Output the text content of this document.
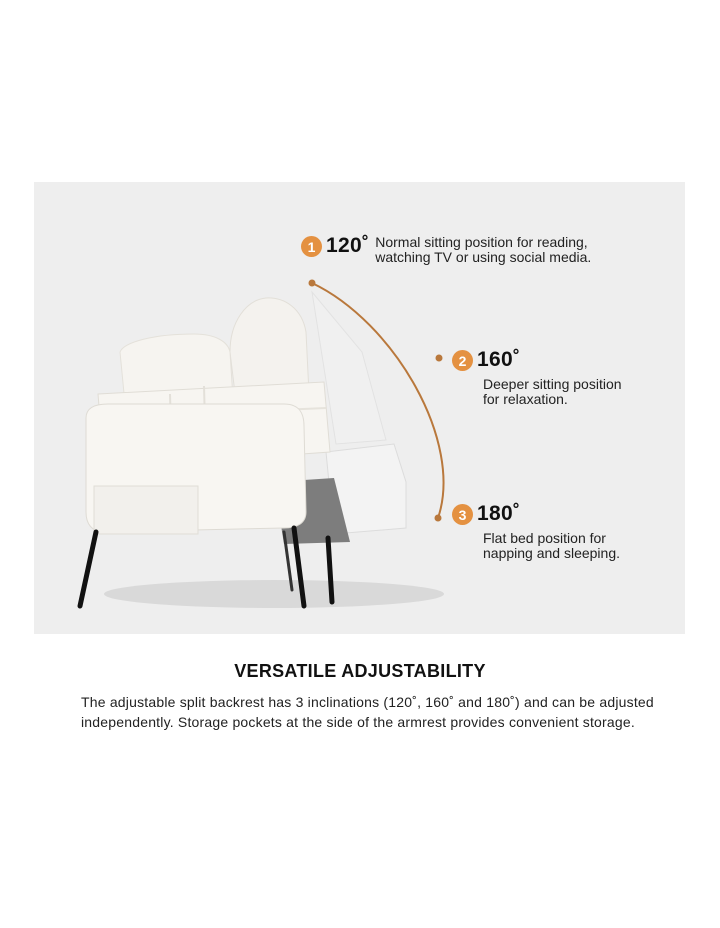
1 120˚ Normal sitting position for reading,
watching TV or using social media.
2 160˚
Deeper sitting position
for relaxation.
3 180˚
Flat bed position for
napping and sleeping.
VERSATILE ADJUSTABILITY
The adjustable split backrest has 3 inclinations (120˚, 160˚ and 180˚) and can be adjusted independently. Storage pockets at the side of the armrest provides convenient storage.
